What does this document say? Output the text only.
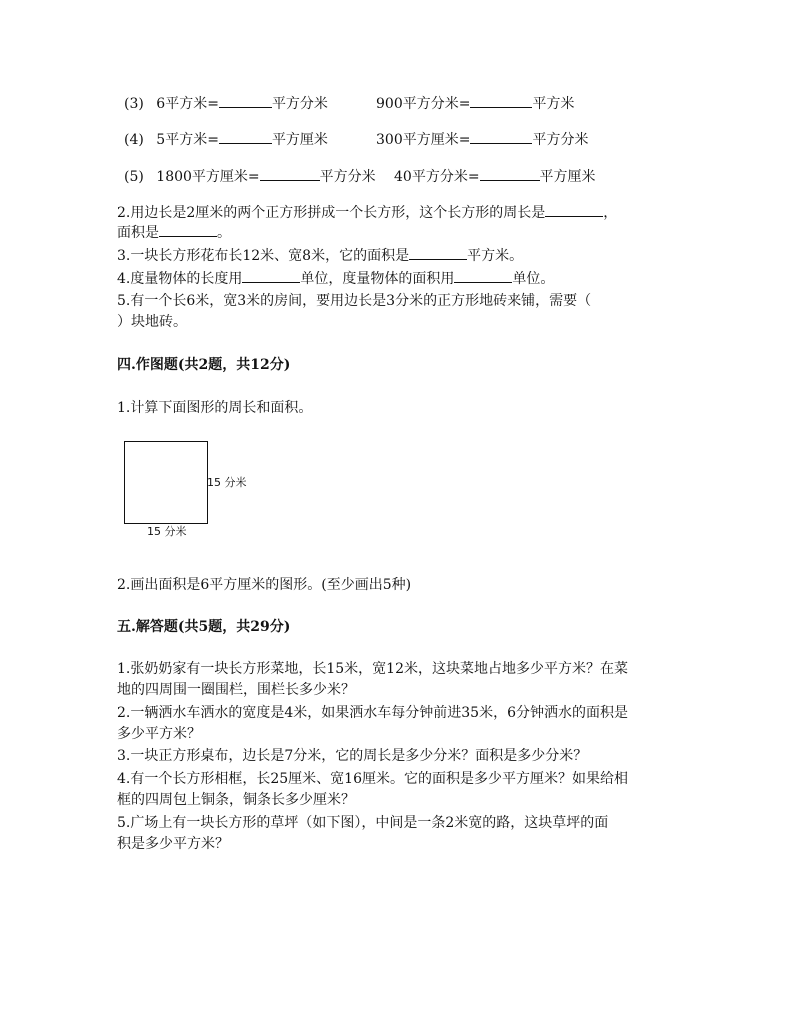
(3) 6平方米=	平方分米	900平方分米=	平方米
(4) 5平方米=	平方厘米	300平方厘米=	平方分米
(5) 1800平方厘米=	平方分米 40平方分米=	平方厘米
2.用边长是2厘米的两个正方形拼成一个长方形，这个长方形的周长是	，
面积是	。
3.一块长方形花布长12米、宽8米，它的面积是	平方米。
4.度量物体的长度用	单位，度量物体的面积用	单位。
5.有一个长6米，宽3米的房间，要用边长是3分米的正方形地砖来铺，需要（
）块地砖。
四.作图题(共2题，共12分)
1.计算下面图形的周长和面积。
15 分米
15 分米
2.画出面积是6平方厘米的图形。(至少画出5种)
五.解答题(共5题，共29分)
1.张奶奶家有一块长方形菜地，长15米，宽12米，这块菜地占地多少平方米？在菜
地的四周围一圈围栏，围栏长多少米？
2.一辆洒水车洒水的宽度是4米，如果洒水车每分钟前进35米，6分钟洒水的面积是
多少平方米？
3.一块正方形桌布，边长是7分米，它的周长是多少分米？面积是多少分米？
4.有一个长方形相框，长25厘米、宽16厘米。它的面积是多少平方厘米？如果给相
框的四周包上铜条，铜条长多少厘米？
5.广场上有一块长方形的草坪（如下图），中间是一条2米宽的路，这块草坪的面
积是多少平方米？
